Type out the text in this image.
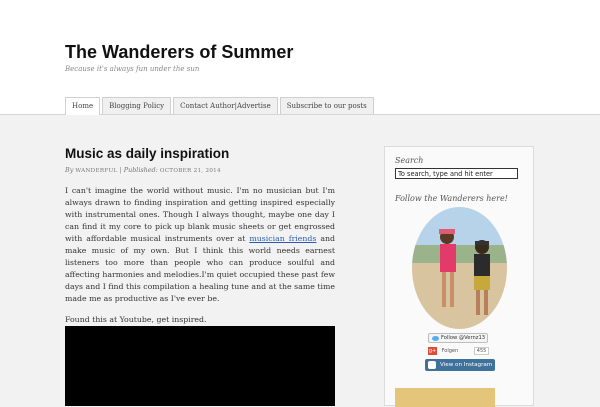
The Wanderers of Summer
Because it's always fun under the sun
Home	Blogging Policy	Contact Author|Advertise	Subscribe to our posts
Music as daily inspiration
By WANDERFUL | Published: OCTOBER 21, 2014
I can't imagine the world without music. I'm no musician but I'm always drawn to finding inspiration and getting inspired especially with instrumental ones. Though I always thought, maybe one day I can find it my core to pick up blank music sheets or get engrossed with affordable musical instruments over at musician friends and make music of my own. But I think this world needs earnest listeners too more than people who can produce soulful and affecting harmonies and melodies.I'm quiet occupied these past few days and I find this compilation a healing tune and at the same time made me as productive as I've ever be.
Found this at Youtube, get inspired.
Search
To search, type and hit enter
Follow the Wanderers here!
Follow @Vernz13
g+ Folgen	455
View on Instagram
